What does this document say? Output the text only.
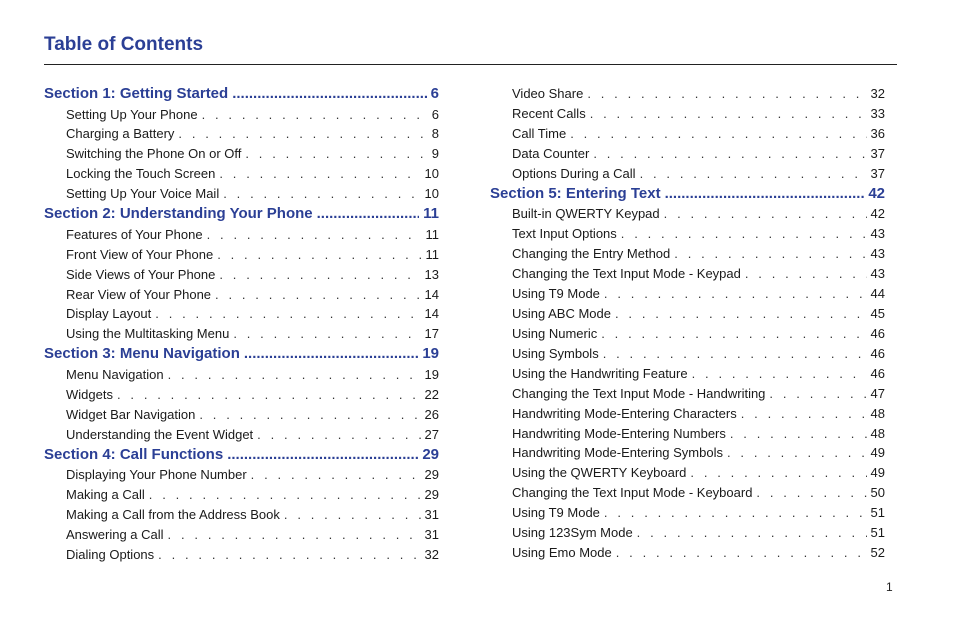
Table of Contents
Section 1: Getting Started .....	6
Setting Up Your Phone . . .	6
Charging a Battery . . .	8
Switching the Phone On or Off . . .	9
Locking the Touch Screen . . .	10
Setting Up Your Voice Mail . . .	10
Section 2: Understanding Your Phone .....	11
Features of Your Phone . . .	11
Front View of Your Phone . . .	11
Side Views of Your Phone . . .	13
Rear View of Your Phone . . .	14
Display Layout . . .	14
Using the Multitasking Menu . . .	17
Section 3: Menu Navigation .....	19
Menu Navigation . . .	19
Widgets . . .	22
Widget Bar Navigation . . .	26
Understanding the Event Widget . . .	27
Section 4: Call Functions .....	29
Displaying Your Phone Number . . .	29
Making a Call . . .	29
Making a Call from the Address Book . . .	31
Answering a Call . . .	31
Dialing Options . . .	32
Video Share . . .	32
Recent Calls . . .	33
Call Time . . .	36
Data Counter . . .	37
Options During a Call . . .	37
Section 5: Entering Text .....	42
Built-in QWERTY Keypad . . .	42
Text Input Options . . .	43
Changing the Entry Method . . .	43
Changing the Text Input Mode - Keypad . . .	43
Using T9 Mode . . .	44
Using ABC Mode . . .	45
Using Numeric . . .	46
Using Symbols . . .	46
Using the Handwriting Feature . . .	46
Changing the Text Input Mode - Handwriting . . .	47
Handwriting Mode-Entering Characters . . .	48
Handwriting Mode-Entering Numbers . . .	48
Handwriting Mode-Entering Symbols . . .	49
Using the QWERTY Keyboard . . .	49
Changing the Text Input Mode - Keyboard . . .	50
Using T9 Mode . . .	51
Using 123Sym Mode . . .	51
Using Emo Mode . . .	52
1
